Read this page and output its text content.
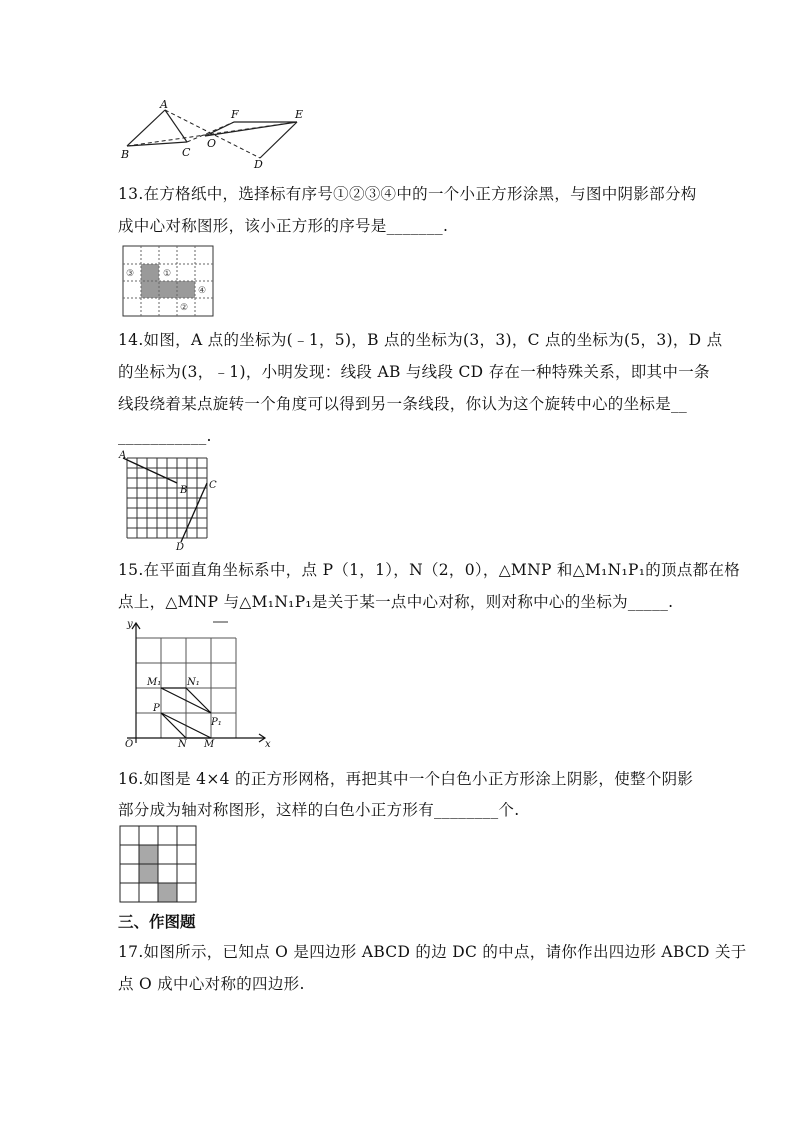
A
F	E
O
B	C
D
13.在方格纸中，选择标有序号①②③④中的一个小正方形涂黑，与图中阴影部分构
成中心对称图形，该小正方形的序号是_______.
③	①
④
②
14.如图，A 点的坐标为(﹣1，5)，B 点的坐标为(3，3)，C 点的坐标为(5，3)，D 点
的坐标为(3，﹣1)，小明发现：线段 AB 与线段 CD 存在一种特殊关系，即其中一条
线段绕着某点旋转一个角度可以得到另一条线段，你认为这个旋转中心的坐标是__
___________.
A
B C
D
15.在平面直角坐标系中，点 P（1，1），N（2，0），△MNP 和△M₁N₁P₁的顶点都在格
点上，△MNP 与△M₁N₁P₁是关于某一点中心对称，则对称中心的坐标为_____.
y
M₁	N₁
P
P₁
O	N M	x
16.如图是 4×4 的正方形网格，再把其中一个白色小正方形涂上阴影，使整个阴影
部分成为轴对称图形，这样的白色小正方形有________个.
三、作图题
17.如图所示，已知点 O 是四边形 ABCD 的边 DC 的中点，请你作出四边形 ABCD 关于
点 O 成中心对称的四边形.
